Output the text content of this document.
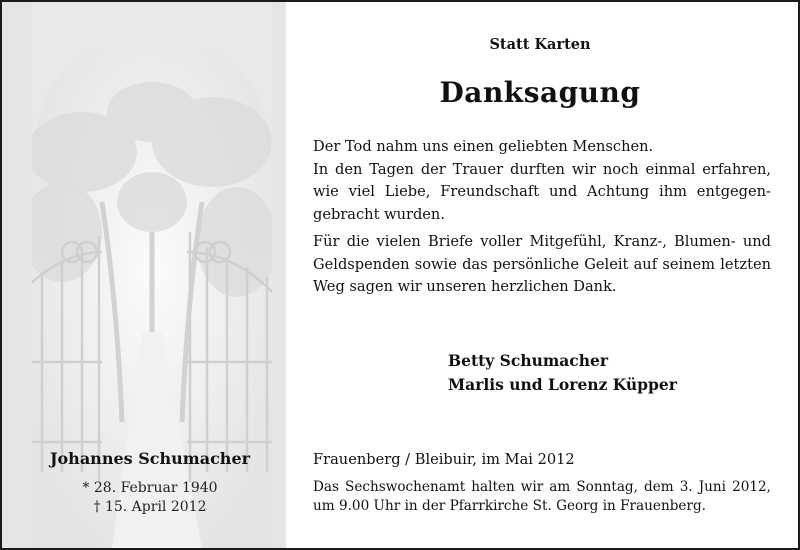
Johannes Schumacher
* 28. Februar 1940
† 15. April 2012
Statt Karten
Danksagung
Der Tod nahm uns einen geliebten Menschen.
In den Tagen der Trauer durften wir noch einmal erfahren,
wie viel Liebe, Freundschaft und Achtung ihm entgegen-
gebracht wurden.
Für die vielen Briefe voller Mitgefühl, Kranz-, Blumen- und
Geldspenden sowie das persönliche Geleit auf seinem letzten
Weg sagen wir unseren herzlichen Dank.
Betty Schumacher
Marlis und Lorenz Küpper
Frauenberg / Bleibuir, im Mai 2012
Das Sechswochenamt halten wir am Sonntag, dem 3. Juni 2012,
um 9.00 Uhr in der Pfarrkirche St. Georg in Frauenberg.
